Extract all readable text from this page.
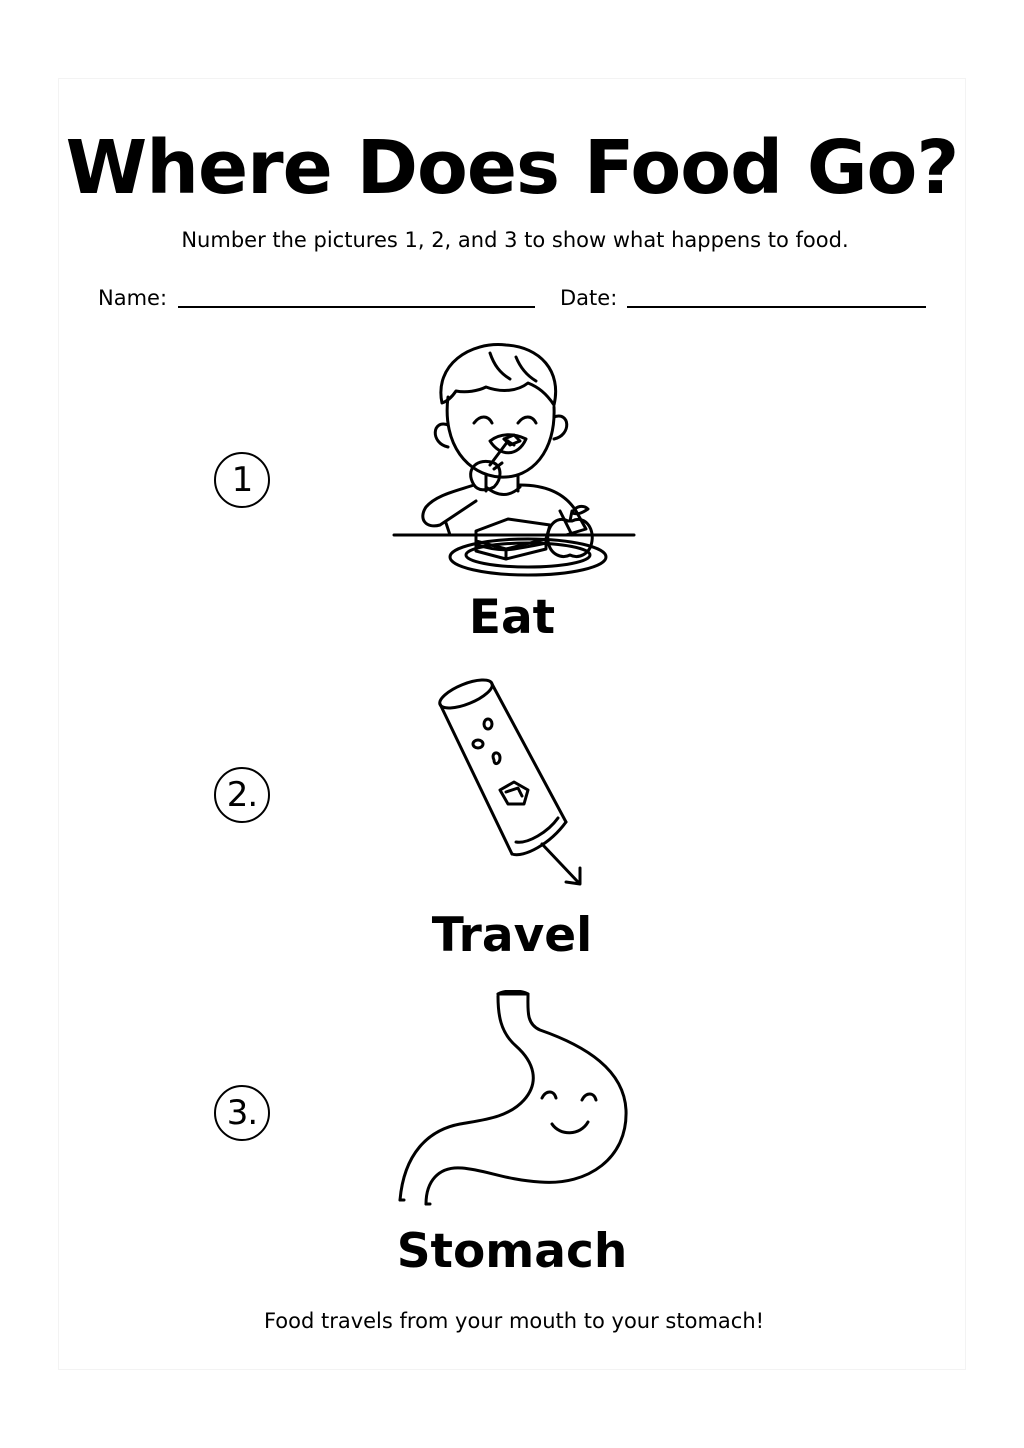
Where Does Food Go?
Number the pictures 1, 2, and 3 to show what happens to food.
Name:	Date:
1
Eat
2.
Travel
3.
Stomach
Food travels from your mouth to your stomach!
